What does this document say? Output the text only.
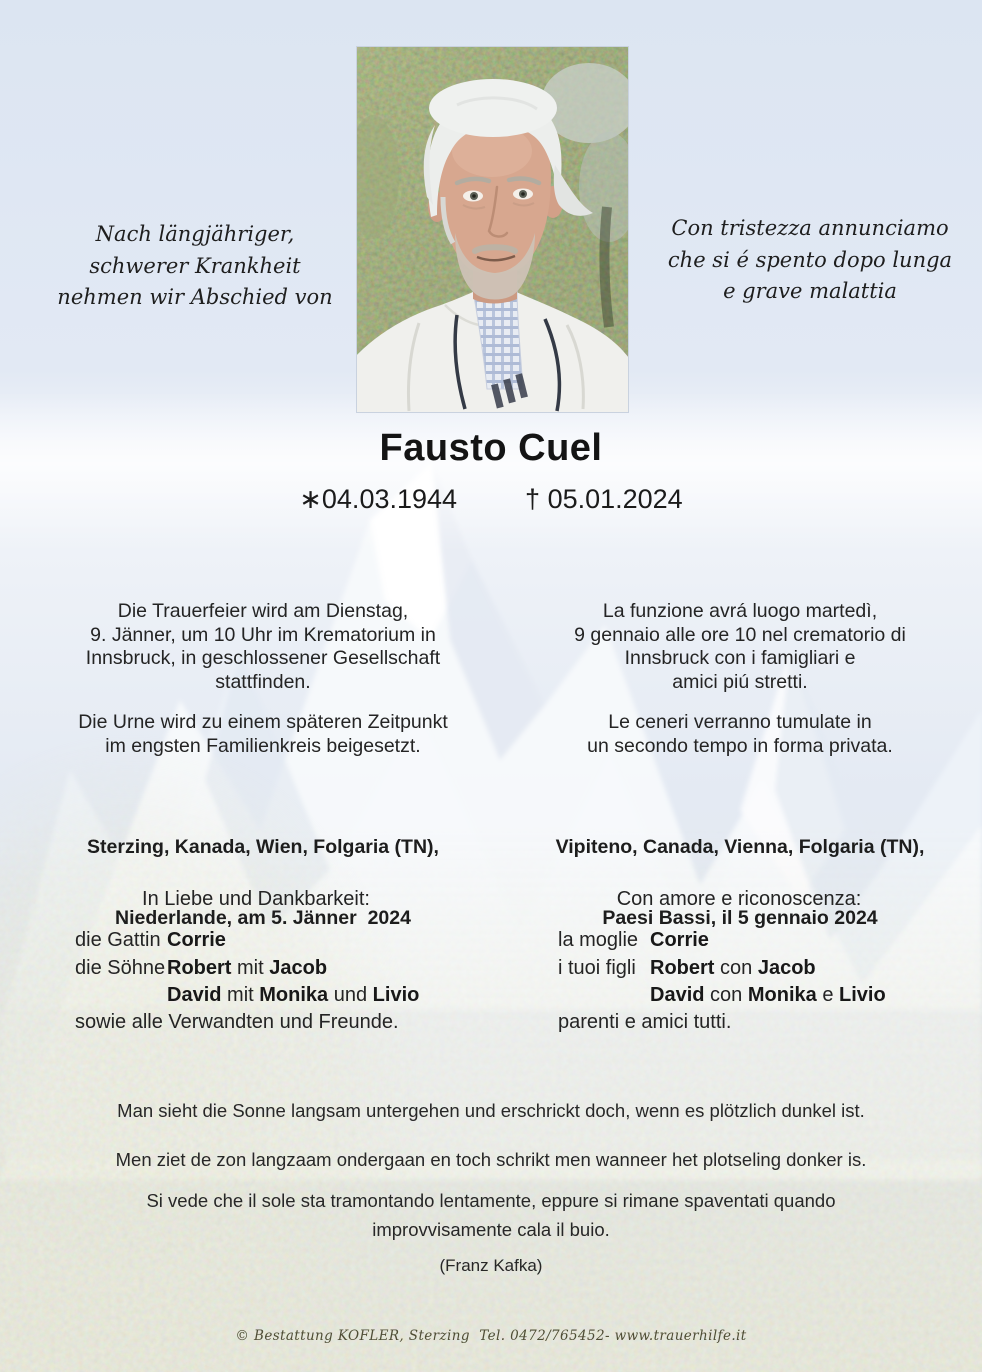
Nach längjähriger,
schwerer Krankheit
nehmen wir Abschied von
Con tristezza annunciamo
che si é spento dopo lunga
e grave malattia
Fausto Cuel
∗04.03.1944	† 05.01.2024
Die Trauerfeier wird am Dienstag,
9. Jänner, um 10 Uhr im Krematorium in
Innsbruck, in geschlossener Gesellschaft
stattfinden.
Die Urne wird zu einem späteren Zeitpunkt
im engsten Familienkreis beigesetzt.

Sterzing, Kanada, Wien, Folgaria (TN),

Niederlande, am 5. Jänner  2024

La funzione avrá luogo martedì,
9 gennaio alle ore 10 nel crematorio di
Innsbruck con i famigliari e
amici piú stretti.
Le ceneri verranno tumulate in
un secondo tempo in forma privata.

Vipiteno, Canada, Vienna, Folgaria (TN),

Paesi Bassi, il 5 gennaio 2024

In Liebe und Dankbarkeit:
die Gattin Corrie
die Söhne Robert mit Jacob
David mit Monika und Livio
sowie alle Verwandten und Freunde.
Con amore e riconoscenza:
la moglie Corrie
i tuoi figli Robert con Jacob
David con Monika e Livio
parenti e amici tutti.
Man sieht die Sonne langsam untergehen und erschrickt doch, wenn es plötzlich dunkel ist.
Men ziet de zon langzaam ondergaan en toch schrikt men wanneer het plotseling donker is.
Si vede che il sole sta tramontando lentamente, eppure si rimane spaventati quando
improvvisamente cala il buio.
(Franz Kafka)
© Bestattung KOFLER, Sterzing  Tel. 0472/765452- www.trauerhilfe.it
